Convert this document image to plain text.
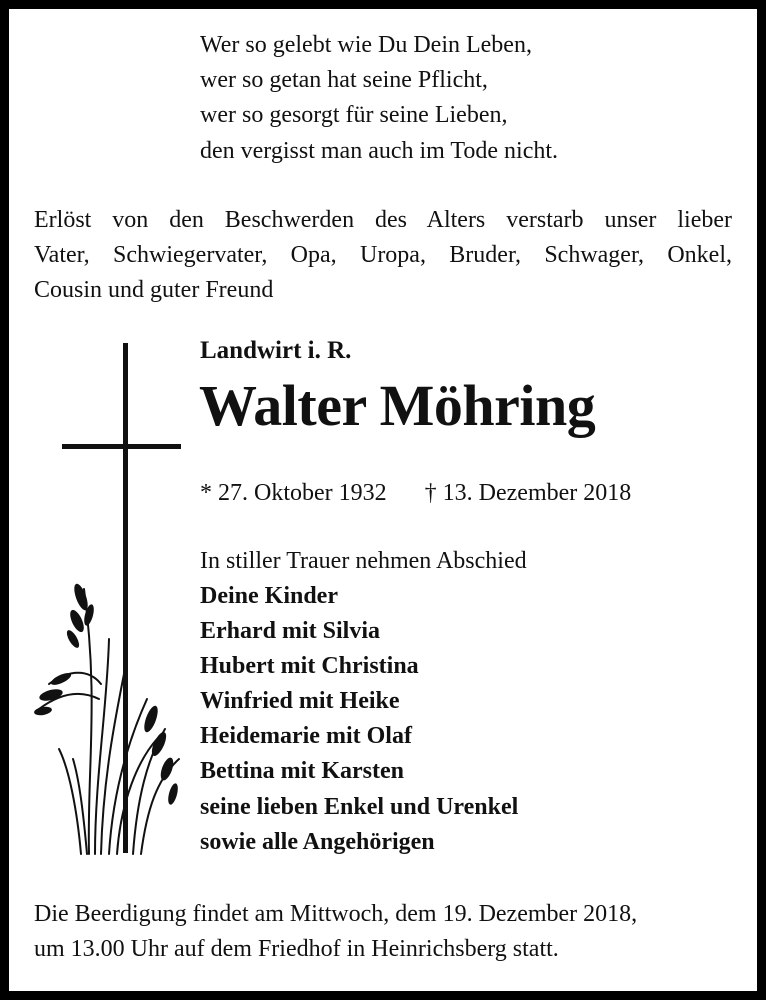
Wer so gelebt wie Du Dein Leben,
wer so getan hat seine Pflicht,
wer so gesorgt für seine Lieben,
den vergisst man auch im Tode nicht.
Erlöst von den Beschwerden des Alters verstarb unser lieber
Vater, Schwiegervater, Opa, Uropa, Bruder, Schwager, Onkel,
Cousin und guter Freund
Landwirt i. R.
Walter Möhring
* 27. Oktober 1932 † 13. Dezember 2018
In stiller Trauer nehmen Abschied
Deine Kinder
Erhard mit Silvia
Hubert mit Christina
Winfried mit Heike
Heidemarie mit Olaf
Bettina mit Karsten
seine lieben Enkel und Urenkel
sowie alle Angehörigen
Die Beerdigung findet am Mittwoch, dem 19. Dezember 2018,
um 13.00 Uhr auf dem Friedhof in Heinrichsberg statt.
